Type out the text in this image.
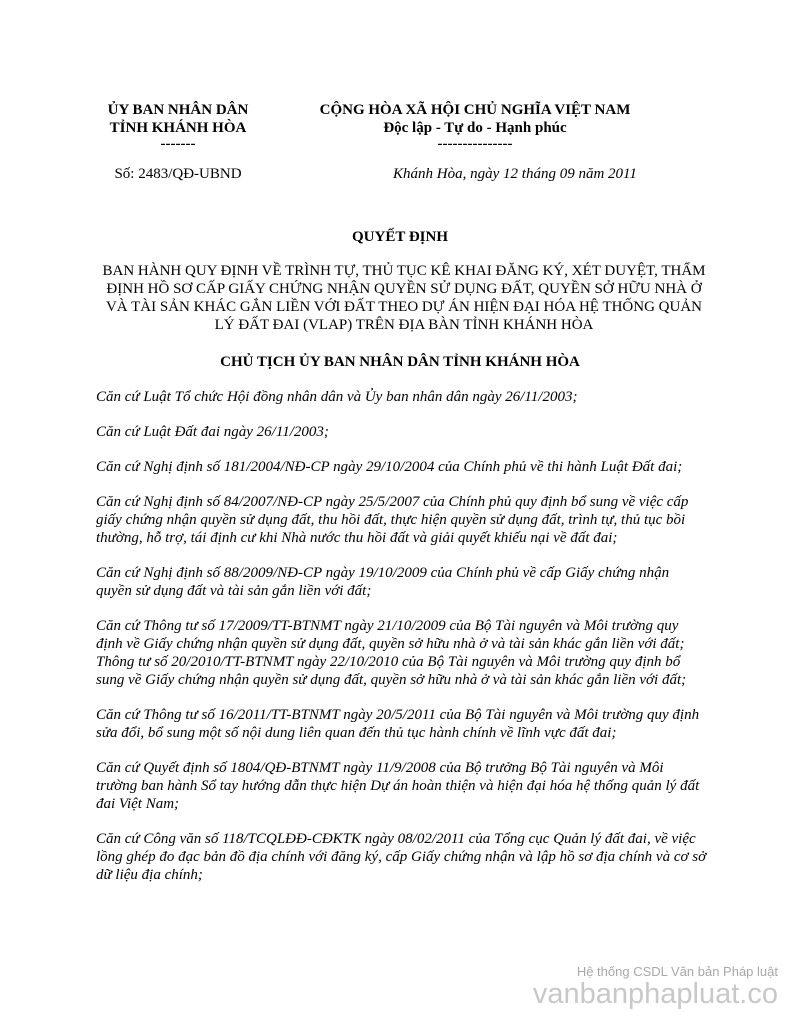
ỦY BAN NHÂN DÂN
TỈNH KHÁNH HÒA
-------
CỘNG HÒA XÃ HỘI CHỦ NGHĨA VIỆT NAM
Độc lập - Tự do - Hạnh phúc
---------------
Số: 2483/QĐ-UBND	Khánh Hòa, ngày 12 tháng 09 năm 2011
QUYẾT ĐỊNH
BAN HÀNH QUY ĐỊNH VỀ TRÌNH TỰ, THỦ TỤC KÊ KHAI ĐĂNG KÝ, XÉT DUYỆT, THẨM ĐỊNH HỒ SƠ CẤP GIẤY CHỨNG NHẬN QUYỀN SỬ DỤNG ĐẤT, QUYỀN SỞ HỮU NHÀ Ở VÀ TÀI SẢN KHÁC GẮN LIỀN VỚI ĐẤT THEO DỰ ÁN HIỆN ĐẠI HÓA HỆ THỐNG QUẢN LÝ ĐẤT ĐAI (VLAP) TRÊN ĐỊA BÀN TỈNH KHÁNH HÒA
CHỦ TỊCH ỦY BAN NHÂN DÂN TỈNH KHÁNH HÒA

Căn cứ Luật Tổ chức Hội đồng nhân dân và Ủy ban nhân dân ngày 26/11/2003;

Căn cứ Luật Đất đai ngày 26/11/2003;

Căn cứ Nghị định số 181/2004/NĐ-CP ngày 29/10/2004 của Chính phủ về thi hành Luật Đất đai;

Căn cứ Nghị định số 84/2007/NĐ-CP ngày 25/5/2007 của Chính phủ quy định bổ sung về việc cấp giấy chứng nhận quyền sử dụng đất, thu hồi đất, thực hiện quyền sử dụng đất, trình tự, thủ tục bồi thường, hỗ trợ, tái định cư khi Nhà nước thu hồi đất và giải quyết khiếu nại về đất đai;

Căn cứ Nghị định số 88/2009/NĐ-CP ngày 19/10/2009 của Chính phủ về cấp Giấy chứng nhận quyền sử dụng đất và tài sản gắn liền với đất;

Căn cứ Thông tư số 17/2009/TT-BTNMT ngày 21/10/2009 của Bộ Tài nguyên và Môi trường quy định về Giấy chứng nhận quyền sử dụng đất, quyền sở hữu nhà ở và tài sản khác gắn liền với đất; Thông tư số 20/2010/TT-BTNMT ngày 22/10/2010 của Bộ Tài nguyên và Môi trường quy định bổ sung về Giấy chứng nhận quyền sử dụng đất, quyền sở hữu nhà ở và tài sản khác gắn liền với đất;

Căn cứ Thông tư số 16/2011/TT-BTNMT ngày 20/5/2011 của Bộ Tài nguyên và Môi trường quy định sửa đổi, bổ sung một số nội dung liên quan đến thủ tục hành chính về lĩnh vực đất đai;

Căn cứ Quyết định số 1804/QĐ-BTNMT ngày 11/9/2008 của Bộ trưởng Bộ Tài nguyên và Môi trường ban hành Sổ tay hướng dẫn thực hiện Dự án hoàn thiện và hiện đại hóa hệ thống quản lý đất đai Việt Nam;

Căn cứ Công văn số 118/TCQLĐĐ-CĐKTK ngày 08/02/2011 của Tổng cục Quản lý đất đai, về việc lồng ghép đo đạc bản đồ địa chính với đăng ký, cấp Giấy chứng nhận và lập hồ sơ địa chính và cơ sở dữ liệu địa chính;

Hệ thống CSDL Văn bản Pháp luật
vanbanphapluat.co
